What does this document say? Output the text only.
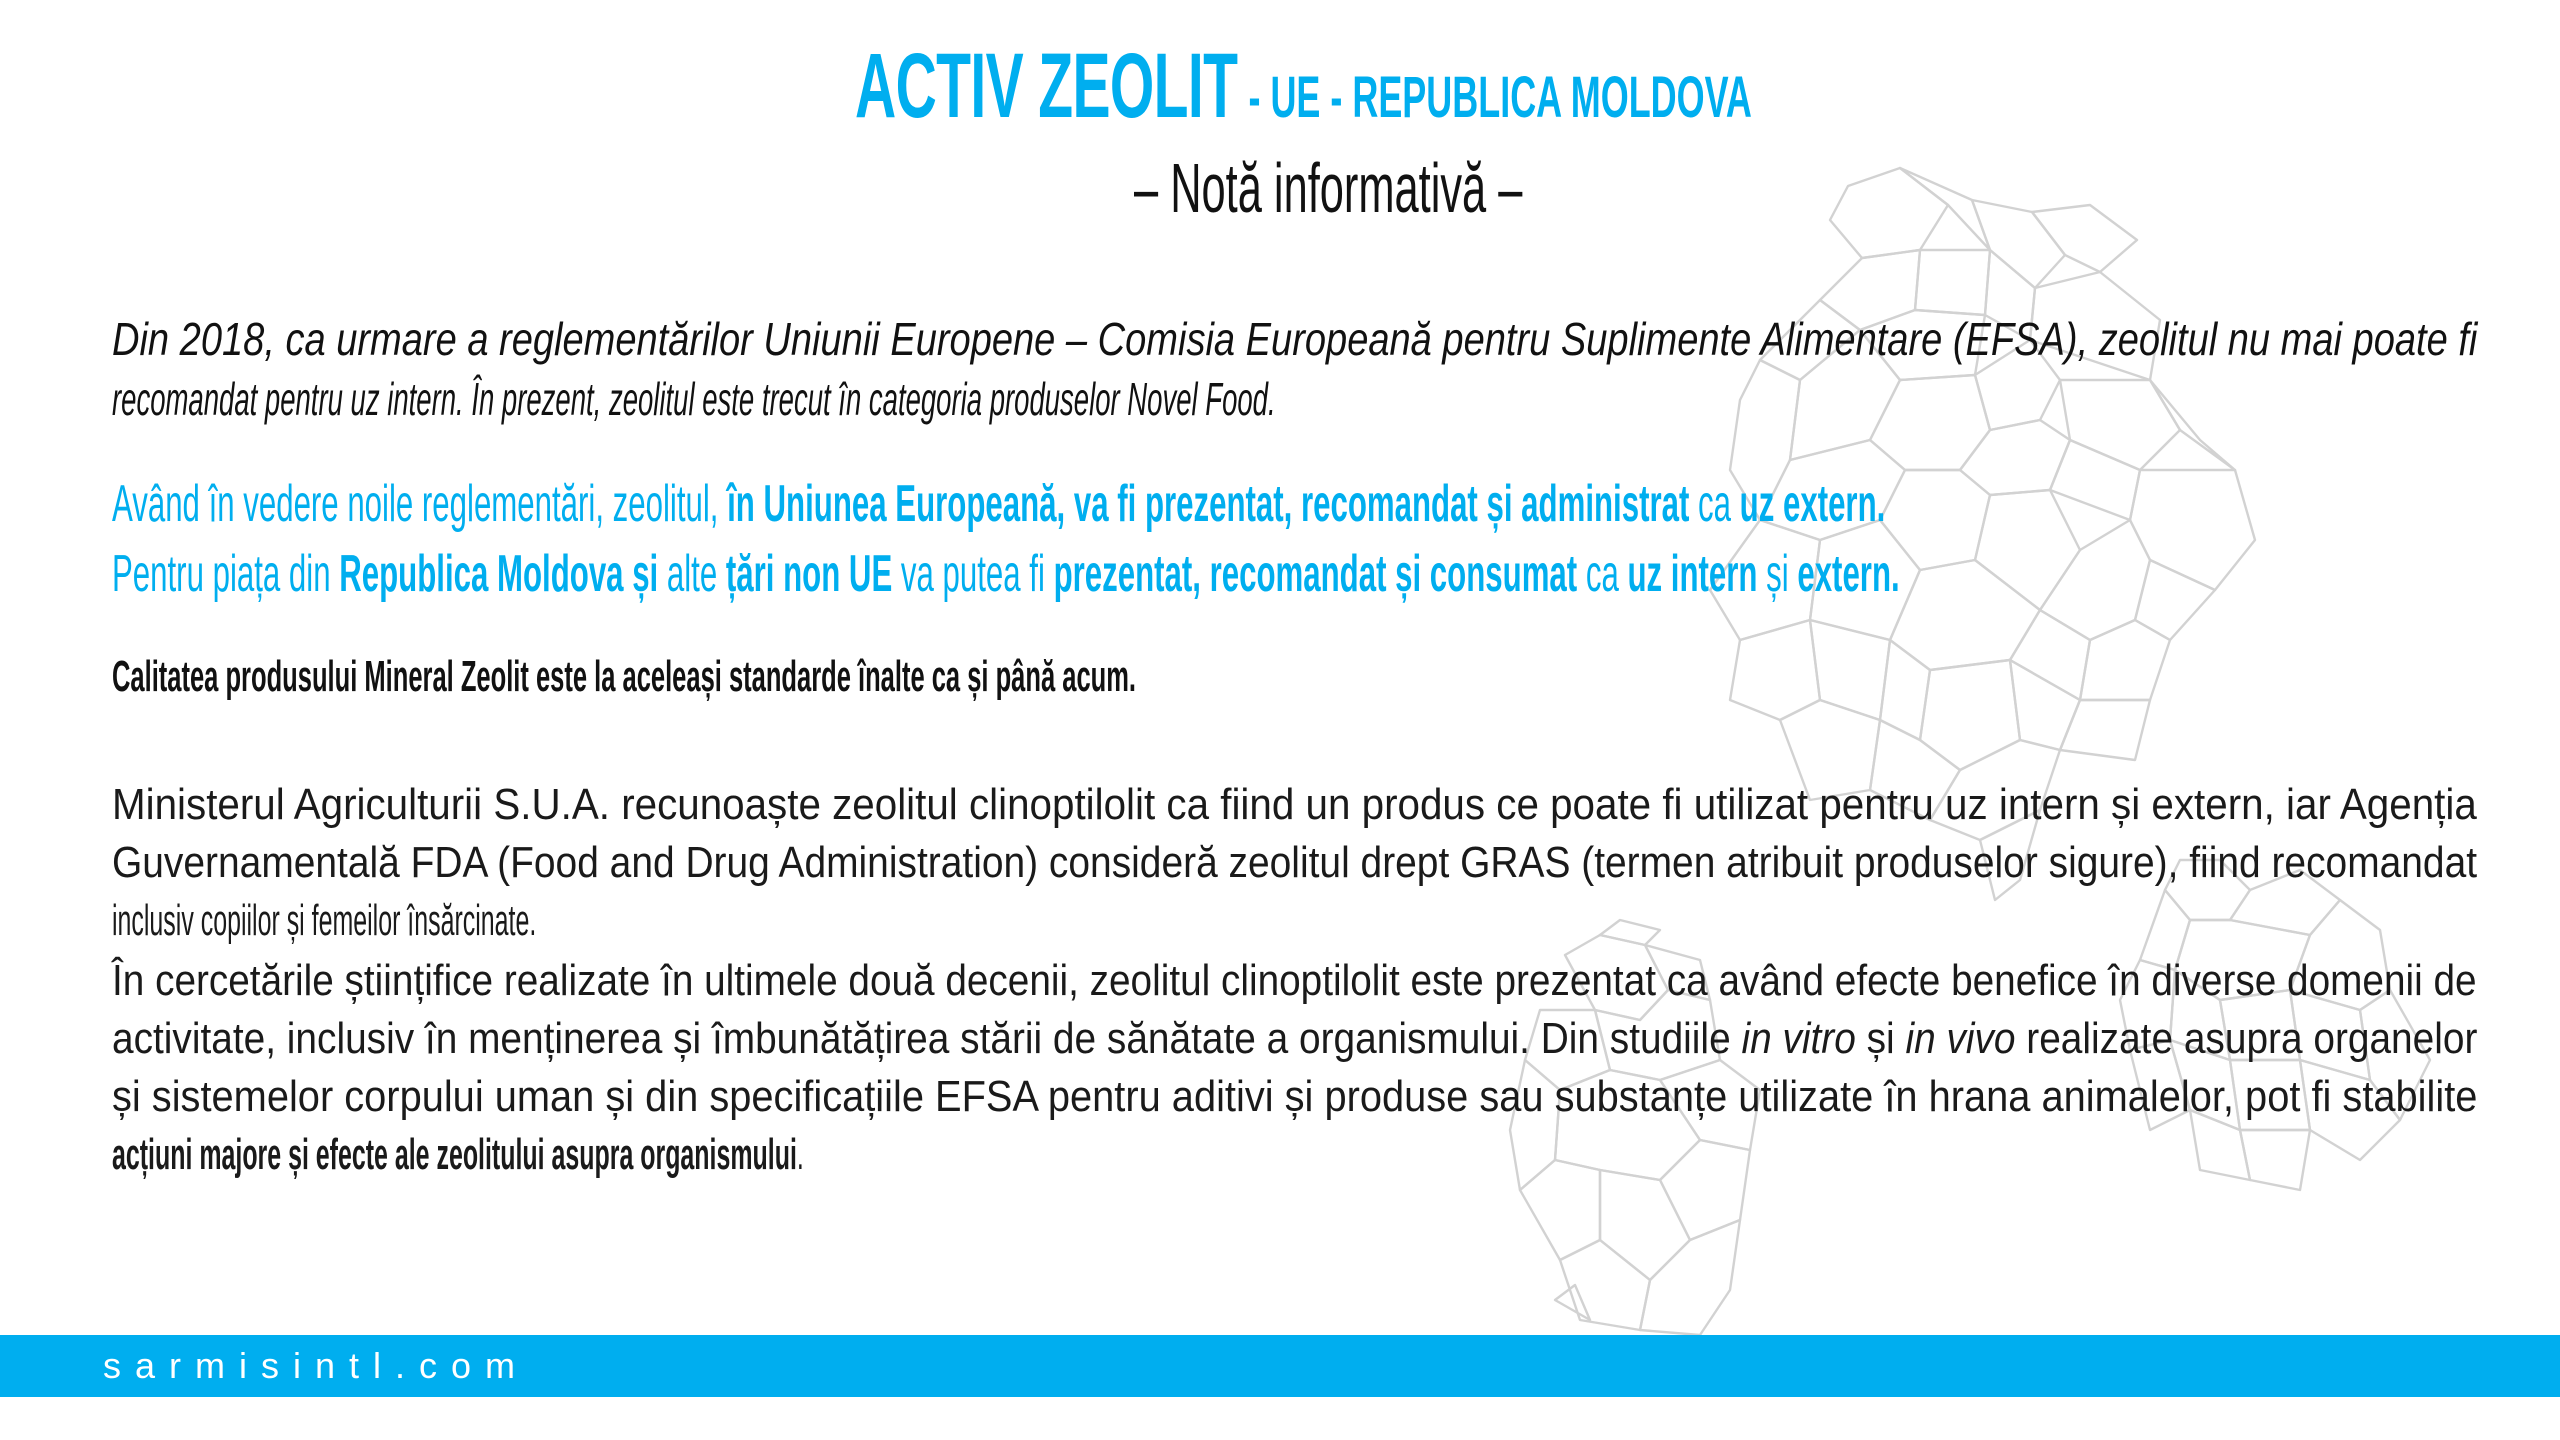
ACTIV ZEOLIT - UE - REPUBLICA MOLDOVA
– Notă informativă –
Din 2018, ca urmare a reglementărilor Uniunii Europene – Comisia Europeană pentru Suplimente Alimentare (EFSA), zeolitul nu mai poate fi
recomandat pentru uz intern. În prezent, zeolitul este trecut în categoria produselor Novel Food.
Având în vedere noile reglementări, zeolitul, în Uniunea Europeană, va fi prezentat, recomandat și administrat ca uz extern.
Pentru piața din Republica Moldova și alte țări non UE va putea fi prezentat, recomandat și consumat ca uz intern și extern.
Calitatea produsului Mineral Zeolit este la aceleași standarde înalte ca și până acum.
Ministerul Agriculturii S.U.A. recunoaște zeolitul clinoptilolit ca fiind un produs ce poate fi utilizat pentru uz intern și extern, iar Agenția
Guvernamentală FDA (Food and Drug Administration) consideră zeolitul drept GRAS (termen atribuit produselor sigure), fiind recomandat
inclusiv copiilor și femeilor însărcinate.
În cercetările științifice realizate în ultimele două decenii, zeolitul clinoptilolit este prezentat ca având efecte benefice în diverse domenii de
activitate, inclusiv în menținerea și îmbunătățirea stării de sănătate a organismului. Din studiile in vitro și in vivo realizate asupra organelor
și sistemelor corpului uman și din specificațiile EFSA pentru aditivi și produse sau substanțe utilizate în hrana animalelor, pot fi stabilite
acțiuni majore și efecte ale zeolitului asupra organismului.
sarmisintl.com
